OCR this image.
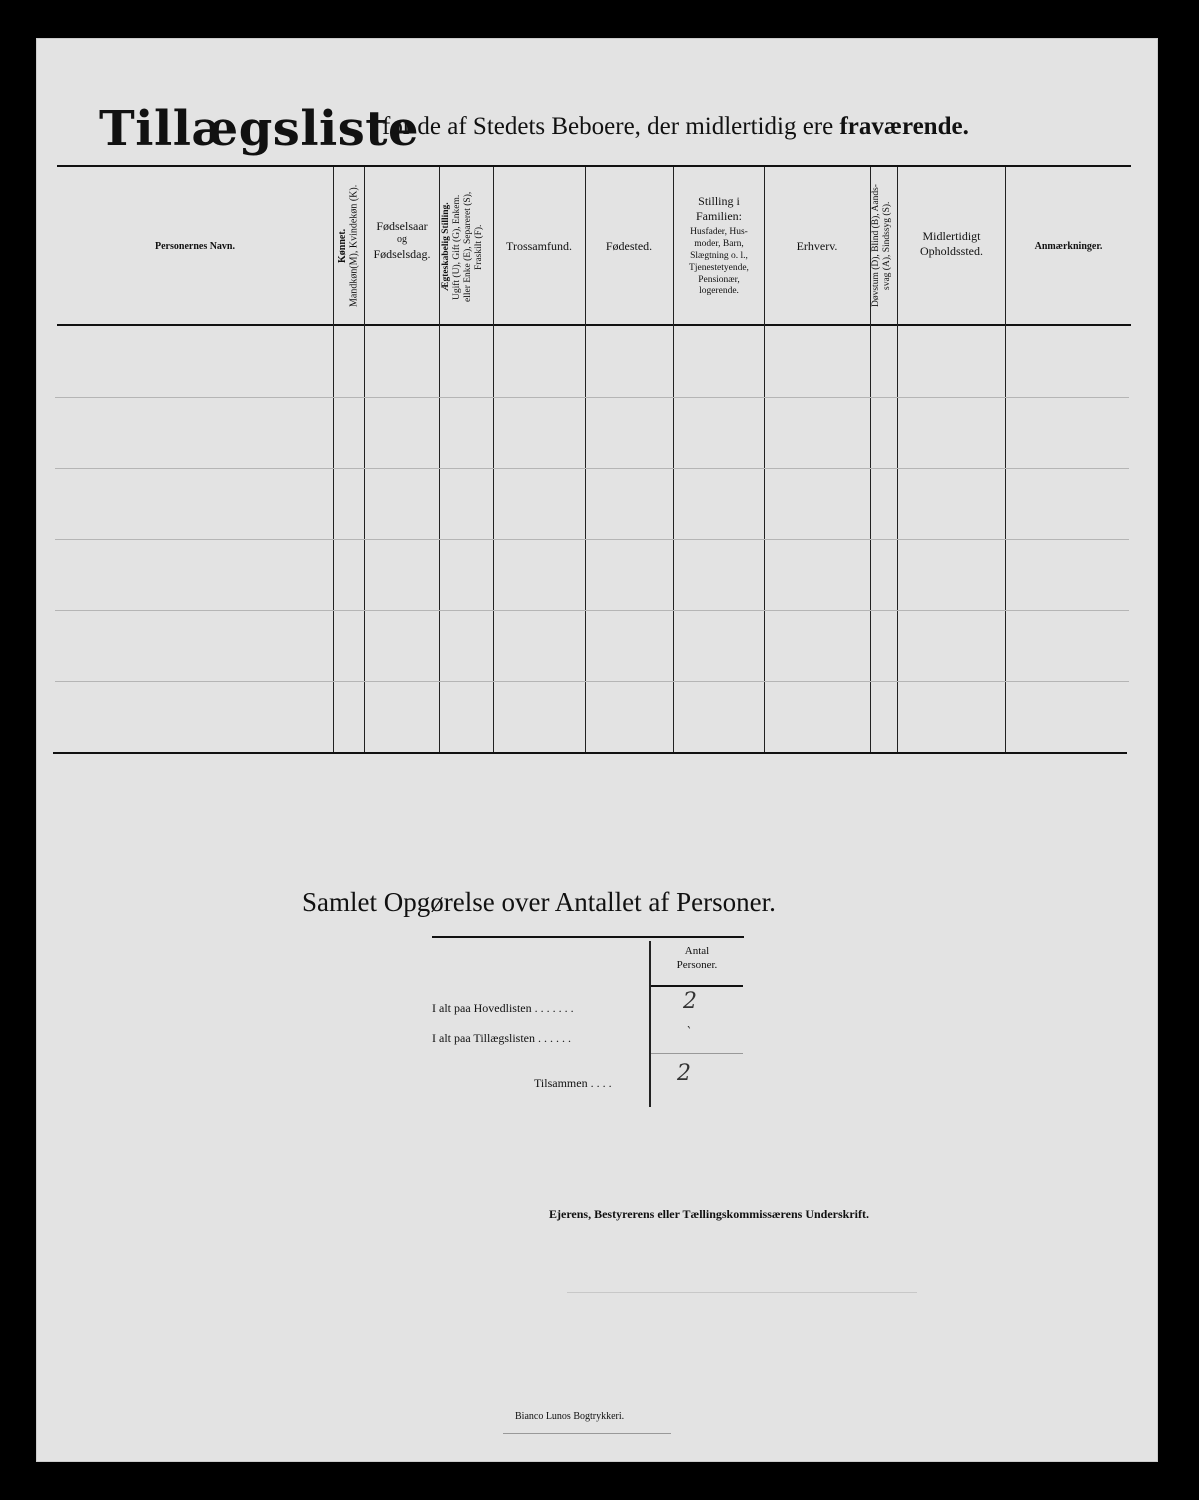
Tillægsliste
for de af Stedets Beboere, der midlertidig ere fraværende.
Personernes Navn.	Kønnet.
Mandkøn(M), Kvindekøn (K).	Fødselsaar
og
Fødselsdag.	Ægteskabelig Stilling.
Ugift (U), Gift (G), Enkem.
eller Enke (E), Separeret (S),
Fraskilt (F).	Trossamfund.	Fødested.
Stilling i
Familien:
Husfader, Hus-
moder, Barn,
Slægtning o. l.,
Tjenestetyende,
Pensionær,
logerende.
Erhverv.	Døvstum (D), Blind (B), Aands-
svag (A), Sindssyg (S).	Midlertidigt
Opholdssted.	Anmærkninger.
Samlet Opgørelse over Antallet af Personer.
Antal
Personer.
I alt paa Hovedlisten . . . . . . .	2
I alt paa Tillægslisten . . . . . .	`
Tilsammen . . . .	2
Ejerens, Bestyrerens eller Tællingskommissærens Underskrift.
Bianco Lunos Bogtrykkeri.
